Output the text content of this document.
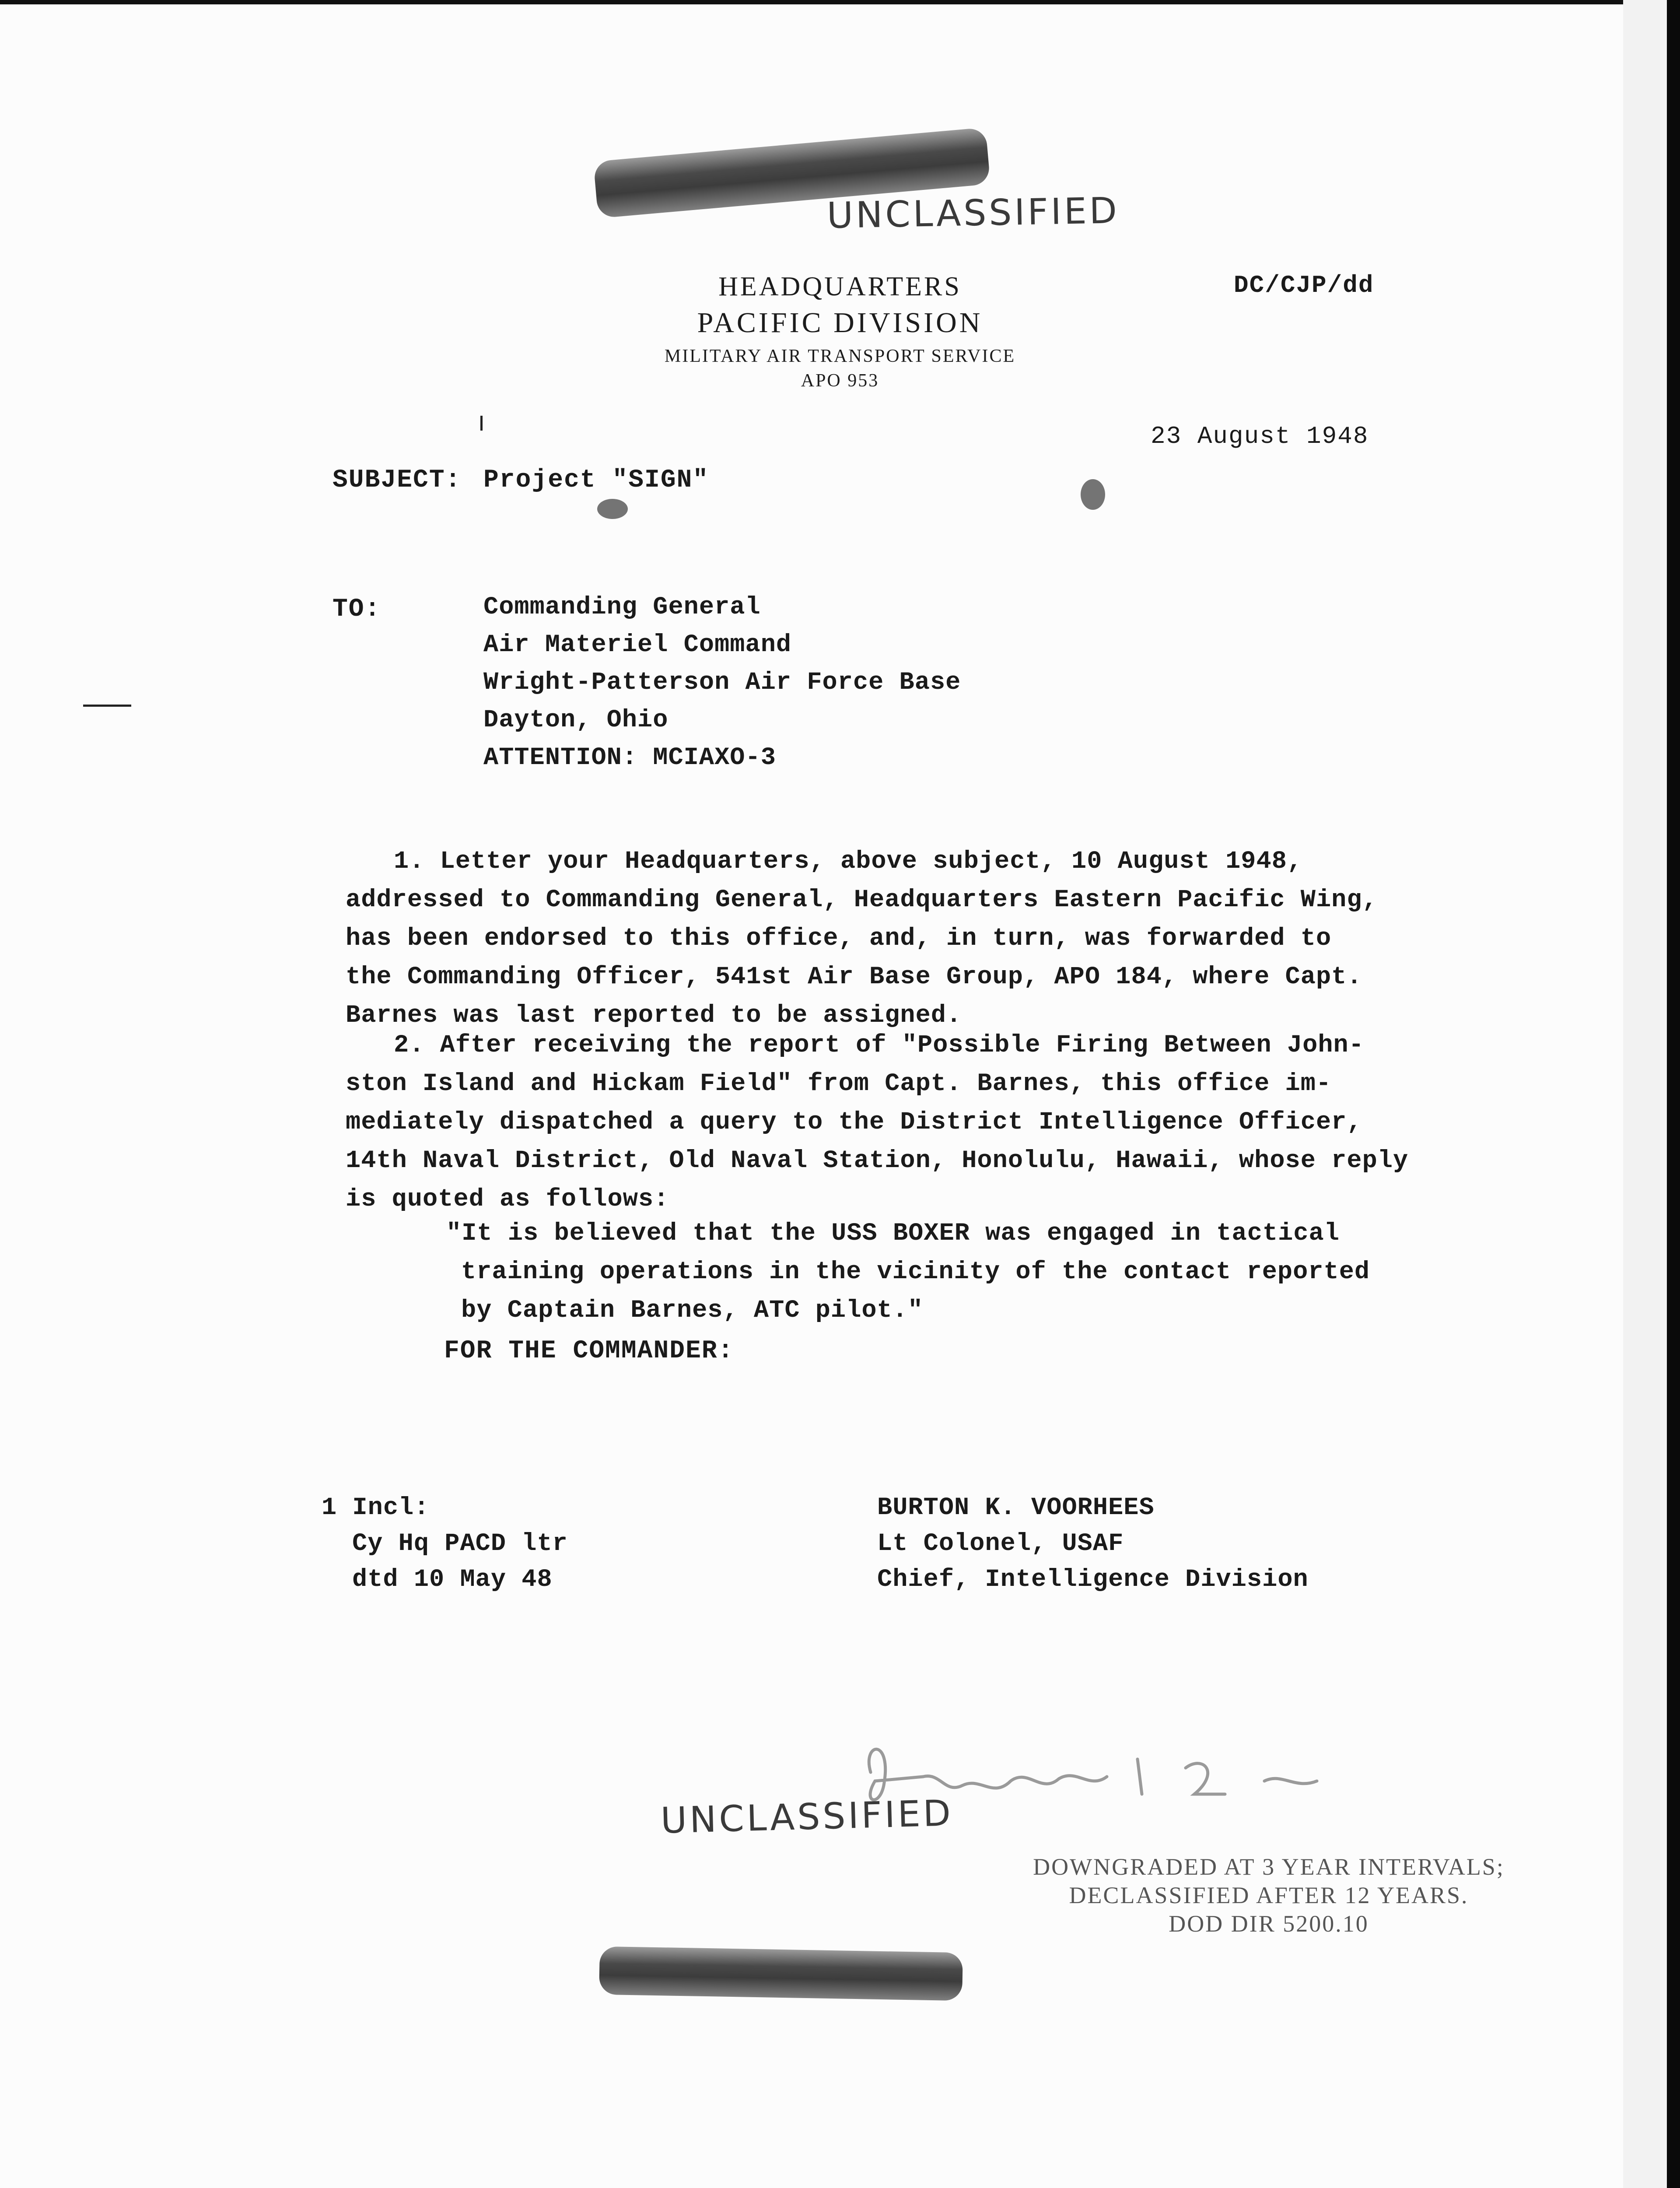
UNCLASSIFIED
HEADQUARTERS
PACIFIC DIVISION
MILITARY AIR TRANSPORT SERVICE
APO 953
DC/CJP/dd
23 August 1948
SUBJECT: Project "SIGN"
TO:	Commanding General
Air Materiel Command
Wright-Patterson Air Force Base
Dayton, Ohio
ATTENTION: MCIAXO-3
1. Letter your Headquarters, above subject, 10 August 1948,
addressed to Commanding General, Headquarters Eastern Pacific Wing,
has been endorsed to this office, and, in turn, was forwarded to
the Commanding Officer, 541st Air Base Group, APO 184, where Capt.
Barnes was last reported to be assigned.
2. After receiving the report of "Possible Firing Between John-
ston Island and Hickam Field" from Capt. Barnes, this office im-
mediately dispatched a query to the District Intelligence Officer,
14th Naval District, Old Naval Station, Honolulu, Hawaii, whose reply
is quoted as follows:
"It is believed that the USS BOXER was engaged in tactical
training operations in the vicinity of the contact reported
by Captain Barnes, ATC pilot."
FOR THE COMMANDER:
1 Incl:
Cy Hq PACD ltr
dtd 10 May 48
BURTON K. VOORHEES
Lt Colonel, USAF
Chief, Intelligence Division
UNCLASSIFIED
DOWNGRADED AT 3 YEAR INTERVALS;
DECLASSIFIED AFTER 12 YEARS.
DOD DIR 5200.10
